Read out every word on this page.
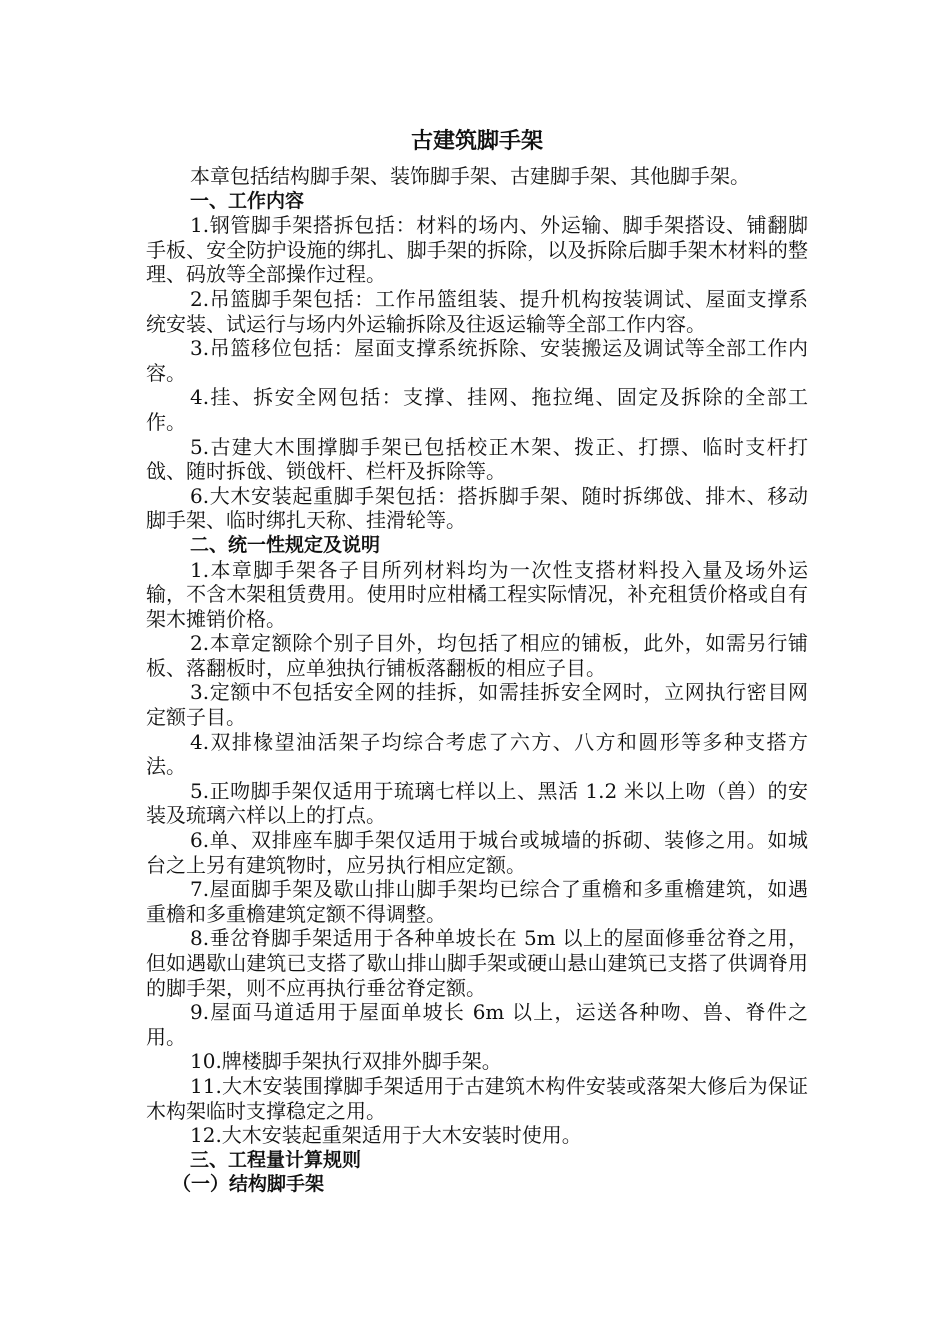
古建筑脚手架

本章包括结构脚手架、装饰脚手架、古建脚手架、其他脚手架。

一、工作内容

1.钢管脚手架搭拆包括：材料的场内、外运输、脚手架搭设、铺翻脚手板、安全防护设施的绑扎、脚手架的拆除，以及拆除后脚手架木材料的整理、码放等全部操作过程。

2.吊篮脚手架包括：工作吊篮组装、提升机构按装调试、屋面支撑系统安装、试运行与场内外运输拆除及往返运输等全部工作内容。

3.吊篮移位包括：屋面支撑系统拆除、安装搬运及调试等全部工作内容。

4.挂、拆安全网包括：支撑、挂网、拖拉绳、固定及拆除的全部工作。

5.古建大木围撑脚手架已包括校正木架、拨正、打摽、临时支杆打戗、随时拆戗、锁戗杆、栏杆及拆除等。

6.大木安装起重脚手架包括：搭拆脚手架、随时拆绑戗、排木、移动脚手架、临时绑扎天称、挂滑轮等。

二、统一性规定及说明

1.本章脚手架各子目所列材料均为一次性支搭材料投入量及场外运输，不含木架租赁费用。使用时应柑橘工程实际情况，补充租赁价格或自有架木摊销价格。

2.本章定额除个别子目外，均包括了相应的铺板，此外，如需另行铺板、落翻板时，应单独执行铺板落翻板的相应子目。

3.定额中不包括安全网的挂拆，如需挂拆安全网时，立网执行密目网定额子目。

4.双排椽望油活架子均综合考虑了六方、八方和圆形等多种支搭方法。

5.正吻脚手架仅适用于琉璃七样以上、黑活 1.2 米以上吻（兽）的安装及琉璃六样以上的打点。

6.单、双排座车脚手架仅适用于城台或城墙的拆砌、装修之用。如城台之上另有建筑物时，应另执行相应定额。

7.屋面脚手架及歇山排山脚手架均已综合了重檐和多重檐建筑，如遇重檐和多重檐建筑定额不得调整。

8.垂岔脊脚手架适用于各种单坡长在 5m 以上的屋面修垂岔脊之用，但如遇歇山建筑已支搭了歇山排山脚手架或硬山悬山建筑已支搭了供调脊用的脚手架，则不应再执行垂岔脊定额。

9.屋面马道适用于屋面单坡长 6m 以上，运送各种吻、兽、脊件之用。

10.牌楼脚手架执行双排外脚手架。

11.大木安装围撑脚手架适用于古建筑木构件安装或落架大修后为保证木构架临时支撑稳定之用。

12.大木安装起重架适用于大木安装时使用。

三、工程量计算规则
（一）结构脚手架
